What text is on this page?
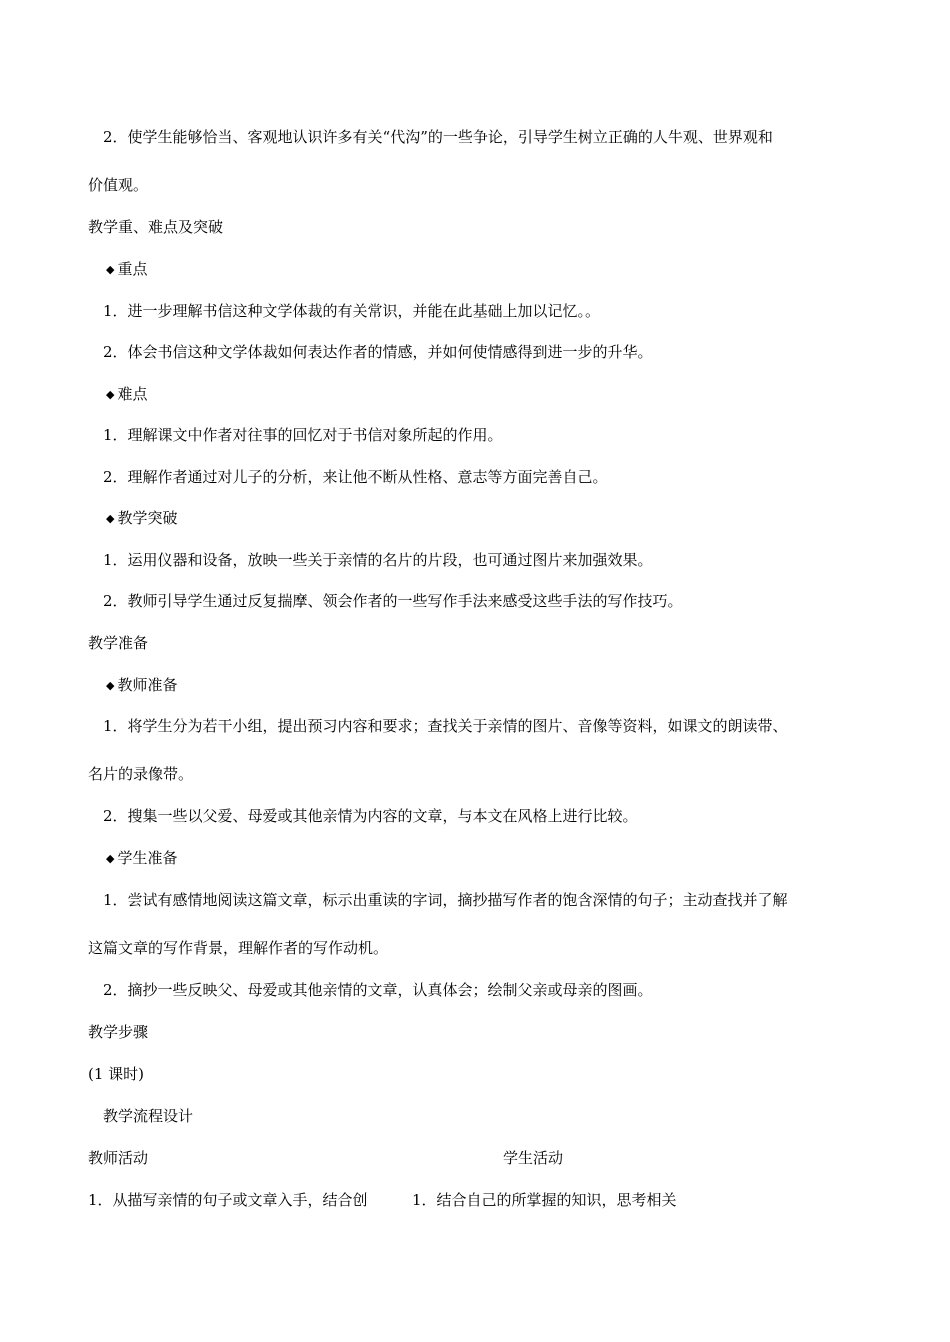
2．使学生能够恰当、客观地认识许多有关“代沟”的一些争论，引导学生树立正确的人牛观、世界观和
价值观。
教学重、难点及突破
◆ 重点
1．进一步理解书信这种文学体裁的有关常识，并能在此基础上加以记忆。。
2．体会书信这种文学体裁如何表达作者的情感，并如何使情感得到进一步的升华。
◆ 难点
1．理解课文中作者对往事的回忆对于书信对象所起的作用。
2．理解作者通过对儿子的分析，来让他不断从性格、意志等方面完善自己。
◆ 教学突破
1．运用仪器和设备，放映一些关于亲情的名片的片段，也可通过图片来加强效果。
2．教师引导学生通过反复揣摩、领会作者的一些写作手法来感受这些手法的写作技巧。
教学准备
◆ 教师准备
1．将学生分为若干小组，提出预习内容和要求；查找关于亲情的图片、音像等资料，如课文的朗读带、
名片的录像带。
2．搜集一些以父爱、母爱或其他亲情为内容的文章，与本文在风格上进行比较。
◆ 学生准备
1．尝试有感情地阅读这篇文章，标示出重读的字词，摘抄描写作者的饱含深情的句子；主动查找并了解
这篇文章的写作背景，理解作者的写作动机。
2．摘抄一些反映父、母爱或其他亲情的文章，认真体会；绘制父亲或母亲的图画。
教学步骤
(1 课时)
教学流程设计
教师活动	学生活动
1．从描写亲情的句子或文章入手，结合创	1．结合自己的所掌握的知识，思考相关
